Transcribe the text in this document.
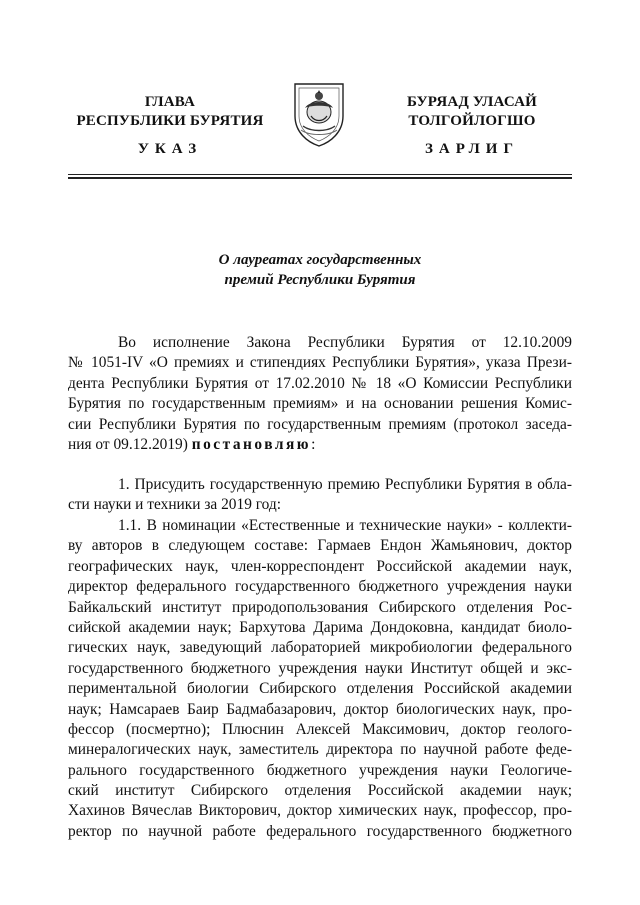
ГЛАВА
РЕСПУБЛИКИ БУРЯТИЯ
БУРЯАД УЛАСАЙ
ТОЛГОЙЛОГШО
УКАЗ	ЗАРЛИГ
О лауреатах государственных
премий Республики Бурятия
Во исполнение Закона Республики Бурятия от 12.10.2009
№ 1051-IV «О премиях и стипендиях Республики Бурятия», указа Прези-
дента Республики Бурятия от 17.02.2010 № 18 «О Комиссии Республики
Бурятия по государственным премиям» и на основании решения Комис-
сии Республики Бурятия по государственным премиям (протокол заседа-
ния от 09.12.2019) постановляю:
1. Присудить государственную премию Республики Бурятия в обла-
сти науки и техники за 2019 год:
1.1. В номинации «Естественные и технические науки» - коллекти-
ву авторов в следующем составе: Гармаев Ендон Жамьянович, доктор
географических наук, член-корреспондент Российской академии наук,
директор федерального государственного бюджетного учреждения науки
Байкальский институт природопользования Сибирского отделения Рос-
сийской академии наук; Бархутова Дарима Дондоковна, кандидат биоло-
гических наук, заведующий лабораторией микробиологии федерального
государственного бюджетного учреждения науки Институт общей и экс-
периментальной биологии Сибирского отделения Российской академии
наук; Намсараев Баир Бадмабазарович, доктор биологических наук, про-
фессор (посмертно); Плюснин Алексей Максимович, доктор геолого-
минералогических наук, заместитель директора по научной работе феде-
рального государственного бюджетного учреждения науки Геологиче-
ский институт Сибирского отделения Российской академии наук;
Хахинов Вячеслав Викторович, доктор химических наук, профессор, про-
ректор по научной работе федерального государственного бюджетного
